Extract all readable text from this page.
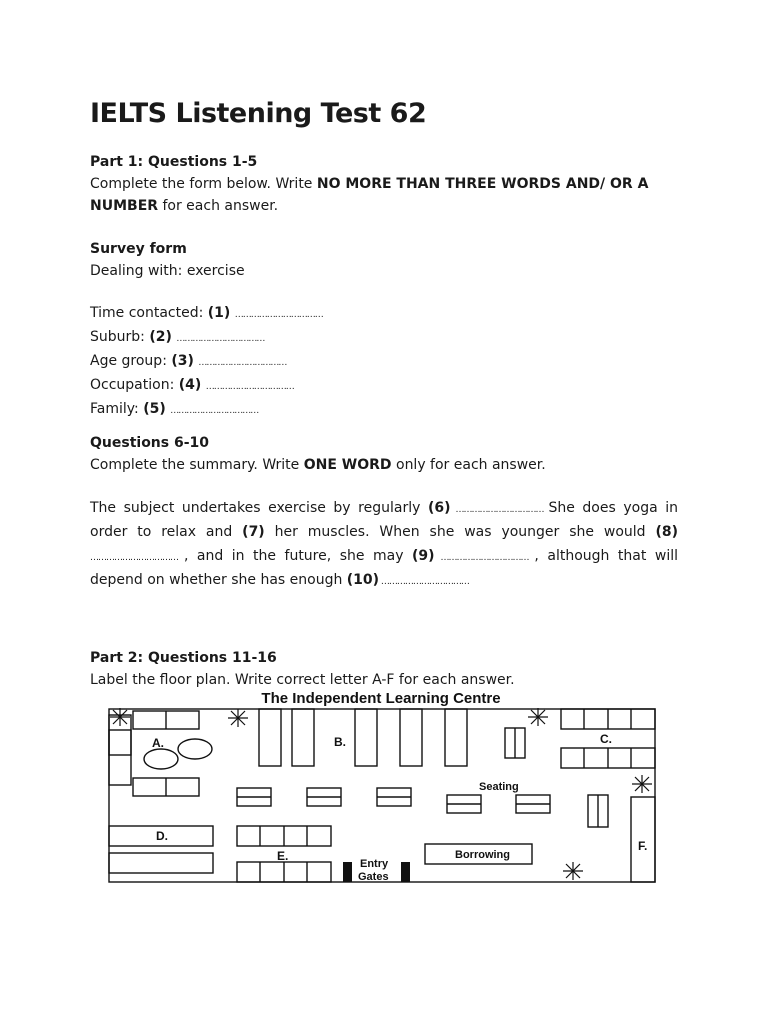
IELTS Listening Test 62
Part 1: Questions 1-5
Complete the form below. Write NO MORE THAN THREE WORDS AND/ OR A
NUMBER for each answer.
Survey form
Dealing with: exercise
Time contacted: (1) ……………………………
Suburb: (2) ……………………………
Age group: (3) ……………………………
Occupation: (4) ……………………………
Family: (5) ……………………………
Questions 6-10
Complete the summary. Write ONE WORD only for each answer.
The subject undertakes exercise by regularly (6) …………………………… She does yoga in order to relax and (7) her muscles. When she was younger she would (8) …………………………… , and in the future, she may (9) …………………………… , although that will depend on whether she has enough (10) ……………………………
Part 2: Questions 11-16
Label the floor plan. Write correct letter A-F for each answer.
The Independent Learning Centre
A.	B.	C.
D.
E.
F.
Seating
Borrowing
Entry
Gates
